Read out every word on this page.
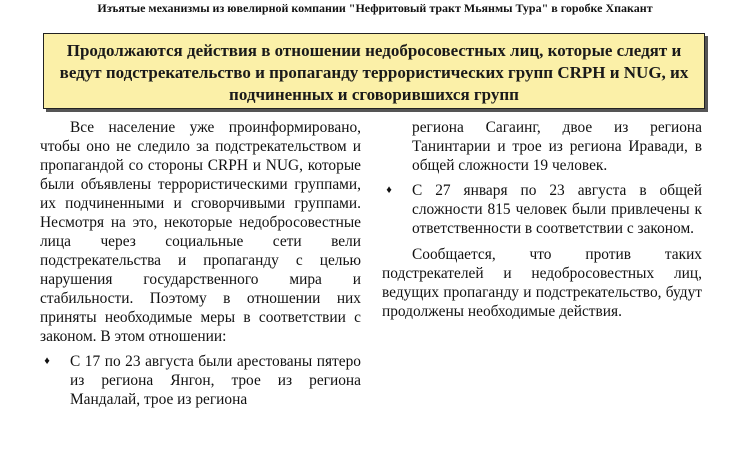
Изъятые механизмы из ювелирной компании "Нефритовый тракт Мьянмы Тура" в горобке Хпакант
Продолжаются действия в отношении недобросовестных лиц, которые следят и ведут подстрекательство и пропаганду террористических групп CRPH и NUG, их подчиненных и сговорившихся групп

Все население уже проинформировано, чтобы оно не следило за подстрекательством и пропагандой со стороны CRPH и NUG, которые были объявлены террористическими группами, их подчиненными и сговорчивыми группами. Несмотря на это, некоторые недобросовестные лица через социальные сети вели подстрекательства и пропаганду с целью нарушения государственного мира и стабильности. Поэтому в отношении них приняты необходимые меры в соответствии с законом. В этом отношении:

♦ С 17 по 23 августа были арестованы пятеро из региона Янгон, трое из региона Мандалай, трое из региона

региона Сагаинг, двое из региона Танинтарии и трое из региона Иравади, в общей сложности 19 человек.

♦ С 27 января по 23 августа в общей сложности 815 человек были привлечены к ответственности в соответствии с законом.

Сообщается, что против таких подстрекателей и недобросовестных лиц, ведущих пропаганду и подстрекательство, будут продолжены необходимые действия.
